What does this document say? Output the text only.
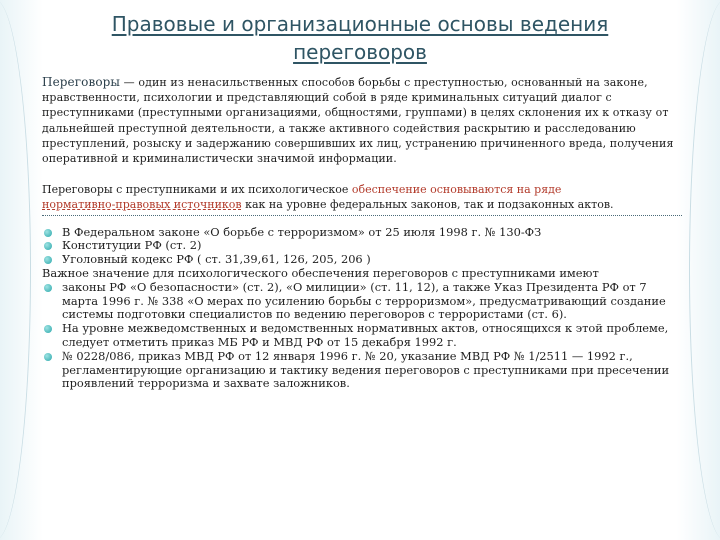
Правовые и организационные основы ведения переговоров

Переговоры — один из ненасильственных способов борьбы с преступностью, основанный на законе, нравственности, психологии и представляющий собой в ряде криминальных ситуаций диалог с преступниками (преступными организациями, общностями, группами) в целях склонения их к отказу от дальнейшей преступной деятельности, а также активного содействия раскрытию и расследованию преступлений, розыску и задержанию совершивших их лиц, устранению причиненного вреда, получения оперативной и криминалистически значимой информации.

Переговоры с преступниками и их психологическое обеспечение основываются на ряде
нормативно-правовых источников как на уровне федеральных законов, так и подзаконных актов.

В Федеральном законе «О борьбе с терроризмом» от 25 июля 1998 г. № 130-ФЗ
Конституции РФ (ст. 2)
Уголовный кодекс РФ ( ст. 31,39,61, 126, 205, 206 )
Важное значение для психологического обеспечения переговоров с преступниками имеют
законы РФ «О безопасности» (ст. 2), «О милиции» (ст. 11, 12), а также Указ Президента РФ от 7 марта 1996 г. № 338 «О мерах по усилению борьбы с терроризмом», предусматривающий создание системы подготовки специалистов по ведению переговоров с террористами (ст. 6).
На уровне межведомственных и ведомственных нормативных актов, относящихся к этой проблеме, следует отметить приказ МБ РФ и МВД РФ от 15 декабря 1992 г.
№ 0228/086, приказ МВД РФ от 12 января 1996 г. № 20, указание МВД РФ № 1/2511 — 1992 г., регламентирующие организацию и тактику ведения переговоров с преступниками при пресечении проявлений терроризма и захвате заложников.
